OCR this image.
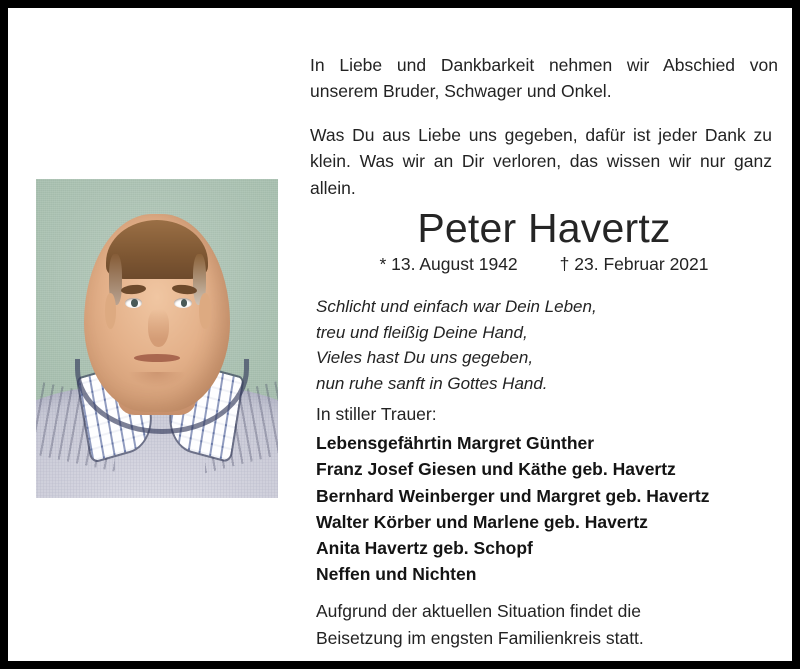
In Liebe und Dankbarkeit nehmen wir Abschied von unserem Bruder, Schwager und Onkel.

Was Du aus Liebe uns gegeben, dafür ist jeder Dank zu klein. Was wir an Dir verloren, das wissen wir nur ganz allein.

Peter Havertz
* 13. August 1942 † 23. Februar 2021
Schlicht und einfach war Dein Leben,
treu und fleißig Deine Hand,
Vieles hast Du uns gegeben,
nun ruhe sanft in Gottes Hand.
In stiller Trauer:
Lebensgefährtin Margret Günther
Franz Josef Giesen und Käthe geb. Havertz
Bernhard Weinberger und Margret geb. Havertz
Walter Körber und Marlene geb. Havertz
Anita Havertz geb. Schopf
Neffen und Nichten
Aufgrund der aktuellen Situation findet die
Beisetzung im engsten Familienkreis statt.
